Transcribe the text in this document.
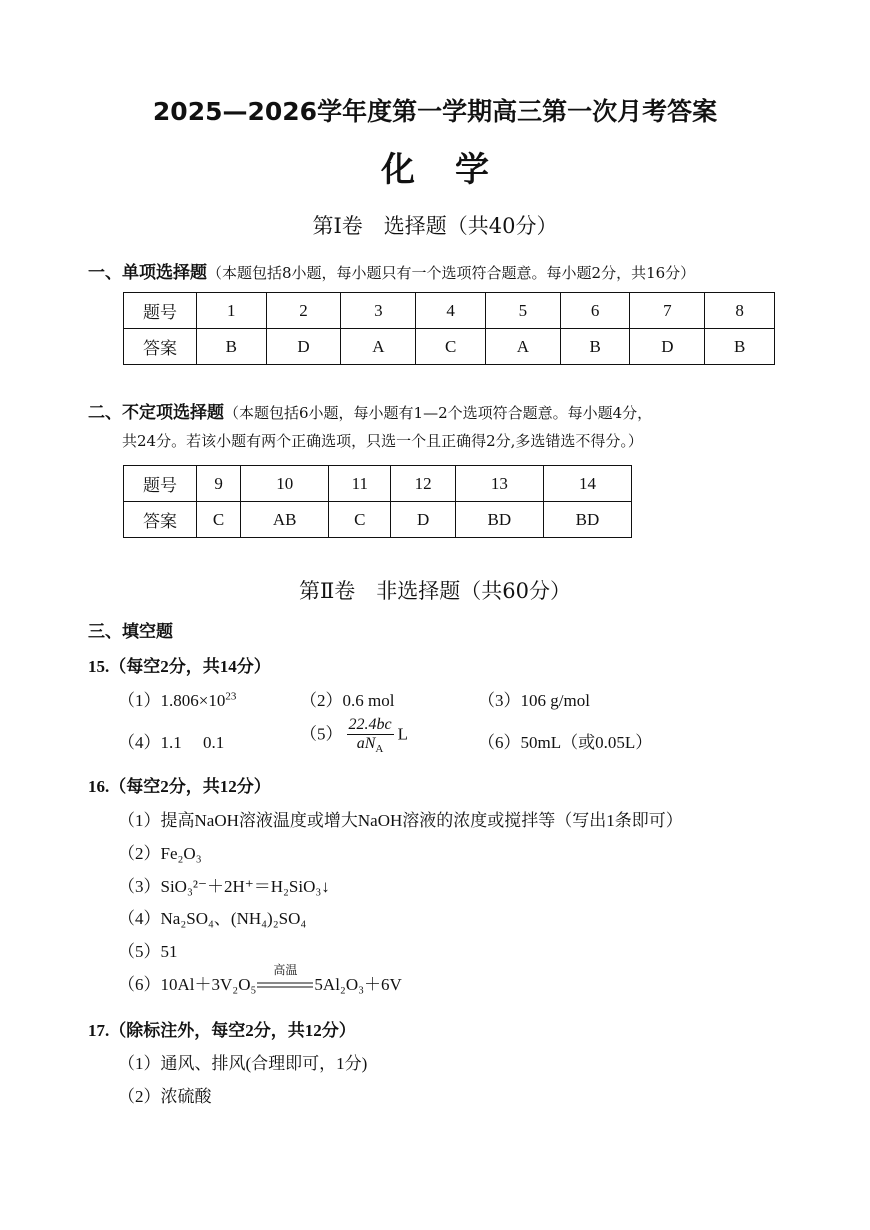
2025—2026学年度第一学期高三第一次月考答案
化学
第Ⅰ卷　选择题（共40分）
一、单项选择题（本题包括8小题，每小题只有一个选项符合题意。每小题2分，共16分）
题号	1	2	3	4	5	6	7	8
答案	B	D	A	C	A	B	D	B
二、不定项选择题（本题包括6小题，每小题有1—2个选项符合题意。每小题4分，
共24分。若该小题有两个正确选项，只选一个且正确得2分,多选错选不得分。）
题号	9	10	11	12	13	14
答案	C	AB	C	D	BD	BD
第Ⅱ卷　非选择题（共60分）
三、填空题
15.（每空2分，共14分）
$(1)1.806\times 10^{23}$	（2）0.6 mol	（3）106 g/mol
（4）1.1　 0.1	$(5) \frac{22.4bc}{aN_A}$ L	（6）50mL（或0.05L）
16.（每空2分，共12分）
（1）提高NaOH溶液温度或增大NaOH溶液的浓度或搅拌等（写出1条即可）
（2）Fe₂O₃
（3）SiO₃²⁻＋2H⁺＝H₂SiO₃↓
（4）Na₂SO₄、(NH₄)₂SO₄
（5）51
（6）10Al＋3V₂O₅
高温
5Al₂O₃＋6V
17.（除标注外，每空2分，共12分）
（1）通风、排风(合理即可，1分)
（2）浓硫酸
